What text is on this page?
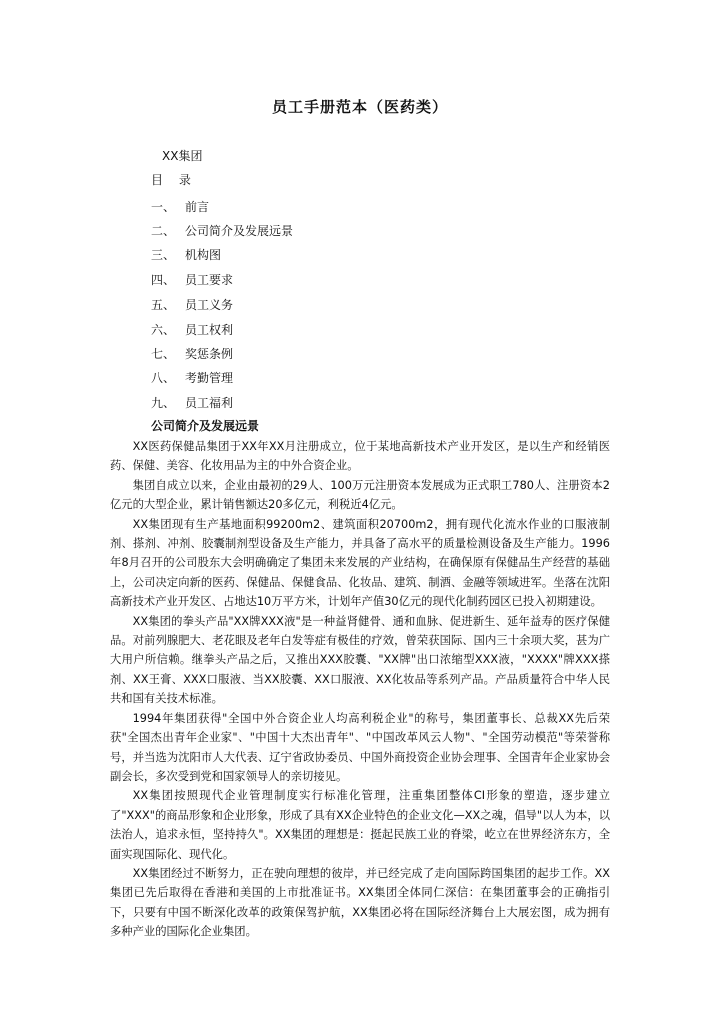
员工手册范本（医药类）
XX集团
目 录
一、 前言
二、 公司简介及发展远景
三、 机构图
四、 员工要求
五、 员工义务
六、 员工权利
七、 奖惩条例
八、 考勤管理
九、 员工福利
公司简介及发展远景

XX医药保健品集团于XX年XX月注册成立，位于某地高新技术产业开发区，是以生产和经销医药、保健、美容、化妆用品为主的中外合资企业。

集团自成立以来，企业由最初的29人、100万元注册资本发展成为正式职工780人、注册资本2亿元的大型企业，累计销售额达20多亿元，利税近4亿元。

XX集团现有生产基地面积99200m2、建筑面积20700m2，拥有现代化流水作业的口服液制剂、搽剂、冲剂、胶囊制剂型设备及生产能力，并具备了高水平的质量检测设备及生产能力。1996年8月召开的公司股东大会明确确定了集团未来发展的产业结构，在确保原有保健品生产经营的基础上，公司决定向新的医药、保健品、保健食品、化妆品、建筑、制酒、金融等领域进军。坐落在沈阳高新技术产业开发区、占地达10万平方米，计划年产值30亿元的现代化制药园区已投入初期建设。

XX集团的拳头产品"XX牌XXX液"是一种益肾健骨、通和血脉、促进新生、延年益寿的医疗保健品。对前列腺肥大、老花眼及老年白发等症有极佳的疗效，曾荣获国际、国内三十余项大奖，甚为广大用户所信赖。继拳头产品之后，又推出XXX胶囊、"XX牌"出口浓缩型XXX液，"XXXX"牌XXX搽剂、XX王膏、XXX口服液、当XX胶囊、XX口服液、XX化妆品等系列产品。产品质量符合中华人民共和国有关技术标准。

1994年集团获得"全国中外合资企业人均高利税企业"的称号，集团董事长、总裁XX先后荣获"全国杰出青年企业家"、"中国十大杰出青年"、"中国改革风云人物"、"全国劳动模范"等荣誉称号，并当选为沈阳市人大代表、辽宁省政协委员、中国外商投资企业协会理事、全国青年企业家协会副会长，多次受到党和国家领导人的亲切接见。

XX集团按照现代企业管理制度实行标准化管理，注重集团整体CI形象的塑造，逐步建立了"XXX"的商品形象和企业形象，形成了具有XX企业特色的企业文化—XX之魂，倡导"以人为本，以法治人，追求永恒，坚持持久"。XX集团的理想是：挺起民族工业的脊梁，屹立在世界经济东方，全面实现国际化、现代化。

XX集团经过不断努力，正在驶向理想的彼岸，并已经完成了走向国际跨国集团的起步工作。XX集团已先后取得在香港和美国的上市批准证书。XX集团全体同仁深信：在集团董事会的正确指引下，只要有中国不断深化改革的政策保驾护航，XX集团必将在国际经济舞台上大展宏图，成为拥有多种产业的国际化企业集团。
